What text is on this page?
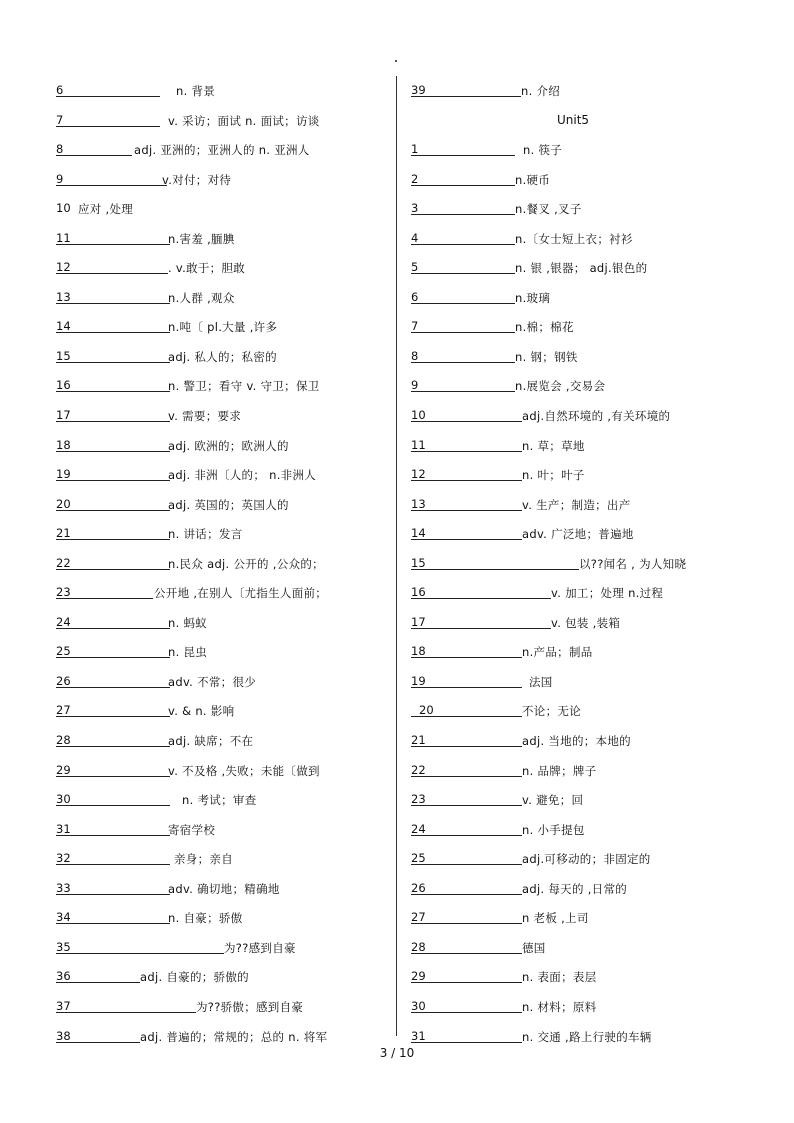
6	n. 背景
7	v. 采访；面试 n. 面试；访谈
8	adj. 亚洲的；亚洲人的 n. 亚洲人
9	v.对付；对待
10 应对 ,处理
11	n.害羞 ,腼腆
12	. v.敢于；胆敢
13	n.人群 ,观众
14	n.吨〔 pl.大量 ,许多
15	adj. 私人的；私密的
16	n. 警卫；看守 v. 守卫；保卫
17	v. 需要；要求
18	adj. 欧洲的；欧洲人的
19	adj. 非洲〔人的； n.非洲人
20	adj. 英国的；英国人的
21	n. 讲话；发言
22	n.民众 adj. 公开的 ,公众的；
23	公开地 ,在别人〔尤指生人面前；
24	n. 蚂蚁
25	n. 昆虫
26	adv. 不常；很少
27	v. & n. 影响
28	adj. 缺席；不在
29	v. 不及格 ,失败；未能〔做到
30	n. 考试；审查
31	寄宿学校
32	亲身；亲自
33	adv. 确切地；精确地
34	n. 自豪；骄傲
35	为??感到自豪
36	adj. 自豪的；骄傲的
37	为??骄傲；感到自豪
38	adj. 普遍的；常规的；总的 n. 将军
39	n. 介绍
Unit5
1	n. 筷子
2	n.硬币
3	n.餐叉 ,叉子
4	n.〔女士短上衣；衬衫
5	n. 银 ,银器； adj.银色的
6	n.玻璃
7	n.棉；棉花
8	n. 钢；钢铁
9	n.展览会 ,交易会
10	adj.自然环境的 ,有关环境的
11	n. 草；草地
12	n. 叶；叶子
13	v. 生产；制造；出产
14	adv. 广泛地；普遍地
15	以??闻名 , 为人知晓
16	v. 加工；处理 n.过程
17	v. 包装 ,装箱
18	n.产品；制品
19	法国
20	不论；无论
21	adj. 当地的；本地的
22	n. 品牌；牌子
23	v. 避免；回
24	n. 小手提包
25	adj.可移动的；非固定的
26	adj. 每天的 ,日常的
27	n 老板 ,上司
28	德国
29	n. 表面；表层
30	n. 材料；原料
31	n. 交通 ,路上行驶的车辆
3 / 10
